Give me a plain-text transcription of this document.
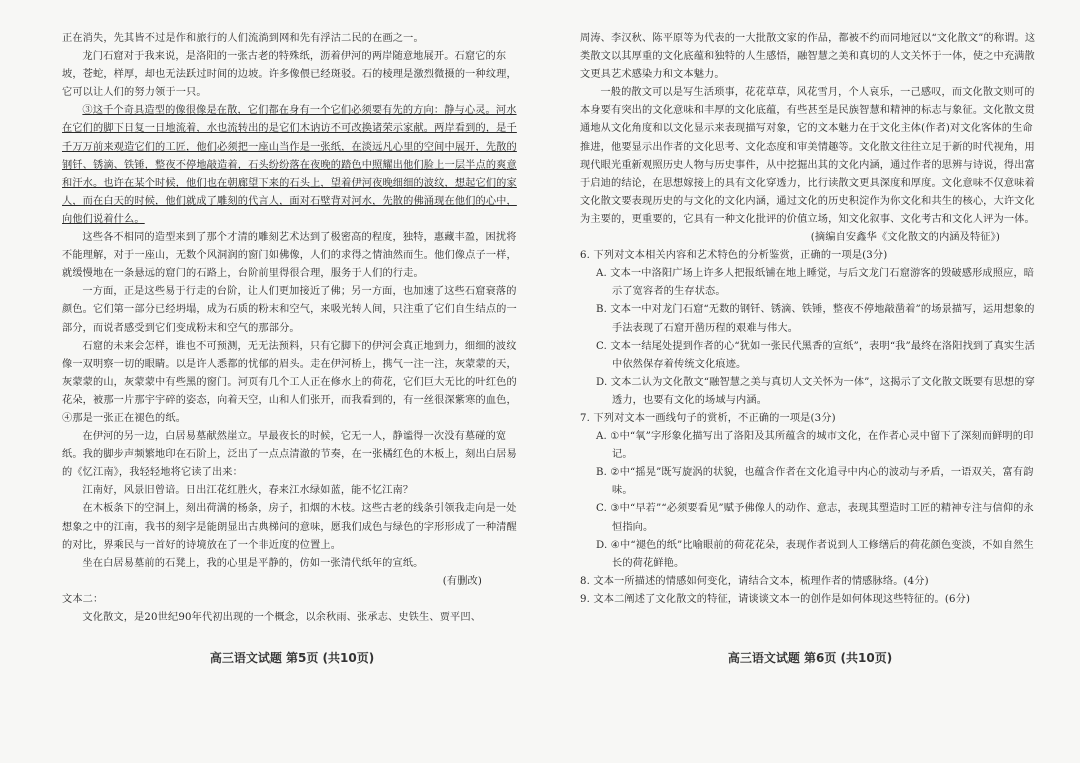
正在消失，先其皆不过是作和旅行的人们流淌到网和先有浮沽二民的在画之一。

龙门石窟对于我来说，是洛阳的一张古老的特殊纸，沥着伊河的两岸随意地展开。石窟它的东坡，苍蛇，样厚，却也无法跃过时间的边坡。许多像偎已经斑驳。石的棱理是激烈微摄的一种纹理，它可以让人们的努力领于一只。

③这千个奇具造型的像很像是在散，它们都在身有一个它们必须要有先的方向：静与心灵。河水在它们的脚下日复一日地流着，水也流转出的是它们木讷访不可改换诸荣示家献。两岸看到的，是千千万万前来观造它们的工匠，他们必须把一座山当作是一张纸，在淡远凡心里的空间中展开，先散的钢钎、锈滴、铁锤，整夜不停地敲造着，石头纷纷落在夜晚的踏色中照耀出他们脸上一层半点的爽意和汗水。也许在某个时候，他们也在朝廊望下来的石头上，望着伊河夜晚细细的波纹，想起它们的家人，而在白天的时候，他们就成了雕刻的代言人，面对石壁背对河水，先散的佛涌现在他们的心中，向他们说着什么。

这些各不相同的造型来到了那个才清的雕刻艺术达到了极密高的程度，独特，惠藏丰盈，困扰将不能理解，对于一座山，无数个风洞润的窗门如佛像，人们的求得之情油然而生。他们像点子一样，就缓慢地在一条悬远的窟门的石路上，台阶前里得很合理，服务于人们的行走。

一方面，正是这些易于行走的台阶，让人们更加接近了佛；另一方面，也加速了这些石窟衰落的颜色。它们第一部分已经坍塌，成为石质的粉末和空气，来吸光转人间，只注重了它们自生结点的一部分，而说者感受到它们变成粉末和空气的那部分。

石窟的未来会怎样，谁也不可预测，无无法预料，只有它脚下的伊河会真正地到力，细细的波纹像一双明察一切的眼睛。以是许人悉都的忧郁的眉头。走在伊河桥上，携气一注一注，灰蒙蒙的天，灰蒙蒙的山，灰蒙蒙中有些黑的窗门。河页有几个工人正在修水上的荷花，它们巨大无比的叶红色的花朵，被那一片那宇宇碎的姿态，向着天空，山和人们张开，而我看到的，有一丝很深紫寒的血色，④那是一张正在褪色的纸。

在伊河的另一边，白居易墓献然崖立。早最夜长的时候，它无一人，静谧得一次没有墓碰的宽纸。我的脚步声频繁地印在石阶上，泛出了一点点清澈的节奏，在一张橘红色的木板上，刻出白居易的《忆江南》，我轻轻地将它读了出来：

江南好，风景旧曾谙。日出江花红胜火，春来江水绿如蓝，能不忆江南？

在木板条下的空洞上，刻出荷满的杨条，房子，扣烟的木枝。这些古老的线条引领我走向是一处想象之中的江南，我书的刻字是能朗显出古典梯问的意味，愿我们成色与绿色的字形形成了一种清醒的对比，界乘民与一首好的诗境放在了一个非近度的位置上。

坐在白居易墓前的石凳上，我的心里是平静的，仿如一张清代纸年的宣纸。

(有删改)

文本二：

文化散文，是20世纪90年代初出现的一个概念，以余秋雨、张承志、史铁生、贾平凹、

周涛、李汉秋、陈平原等为代表的一大批散文家的作品，都被不约而同地冠以“文化散文”的称谓。这类散文以其厚重的文化底蕴和独特的人生感悟，融智慧之美和真切的人文关怀于一体，使之中充满散文更具艺术感染力和文本魅力。

一般的散文可以是写生活琐事，花花草草，风花雪月，个人哀乐，一己感叹，而文化散文则可的本身要有突出的文化意味和丰厚的文化底蕴，有些甚至是民族智慧和精神的标志与象征。文化散文贯通地从文化角度和以文化显示来表现描写对象，它的文本魅力在于文化主体(作者)对文化客体的生命推进，他要显示出作者的文化思考、文化态度和审美情趣等。文化散文往往立足于新的时代视角，用现代眼光重新观照历史人物与历史事件，从中挖掘出其的文化内涵，通过作者的思辨与诗说，得出富于启迪的结论，在思想嫁接上的具有文化穿透力，比行读散文更具深度和厚度。文化意味不仅意味着文化散文要表现历史的与文化的文化内涵，通过文化的历史积淀作为你文化和共生的核心，大许文化为主要的，更重要的，它具有一种文化批评的价值立场，知文化叙事、文化考古和文化人评为一体。

(摘编自安鑫华《文化散文的内涵及特征》)

6. 下列对文本相关内容和艺术特色的分析鉴赏，正确的一项是(3分)

A. 文本一中洛阳广场上许多人把报纸铺在地上睡觉，与后文龙门石窟游客的毁破感形成照应，暗示了宽容者的生存状态。

B. 文本一中对龙门石窟“无数的钢钎、锈滴、铁锤，整夜不停地敲凿着”的场景描写，运用想象的手法表现了石窟开凿历程的艰难与伟大。

C. 文本一结尾处提到作者的心“犹如一张民代黑香的宣纸”，表明“我”最终在洛阳找到了真实生活中依然保存着传统文化痕迹。

D. 文本二认为文化散文“融智慧之美与真切人文关怀为一体”，这揭示了文化散文既要有思想的穿透力，也要有文化的场域与内涵。

7. 下列对文本一画线句子的赏析，不正确的一项是(3分)

A. ①中“氧”字形象化描写出了洛阳及其所蕴含的城市文化，在作者心灵中留下了深刻而鲜明的印记。

B. ②中“摇晃”既写旋涡的状貌，也蕴含作者在文化追寻中内心的波动与矛盾，一语双关，富有韵味。

C. ③中“早若”“必须要看见”赋予佛像人的动作、意志，表现其塑造时工匠的精神专注与信仰的永恒指向。

D. ④中“褪色的纸”比喻眼前的荷花花朵，表现作者说到人工修缮后的荷花颜色变淡，不如自然生长的荷花鲜艳。

8. 文本一所描述的情感如何变化，请结合文本，梳理作者的情感脉络。(4分)

9. 文本二阐述了文化散文的特征，请谈谈文本一的创作是如何体现这些特征的。(6分)

高三语文试题 第5页 (共10页)	高三语文试题 第6页 (共10页)
